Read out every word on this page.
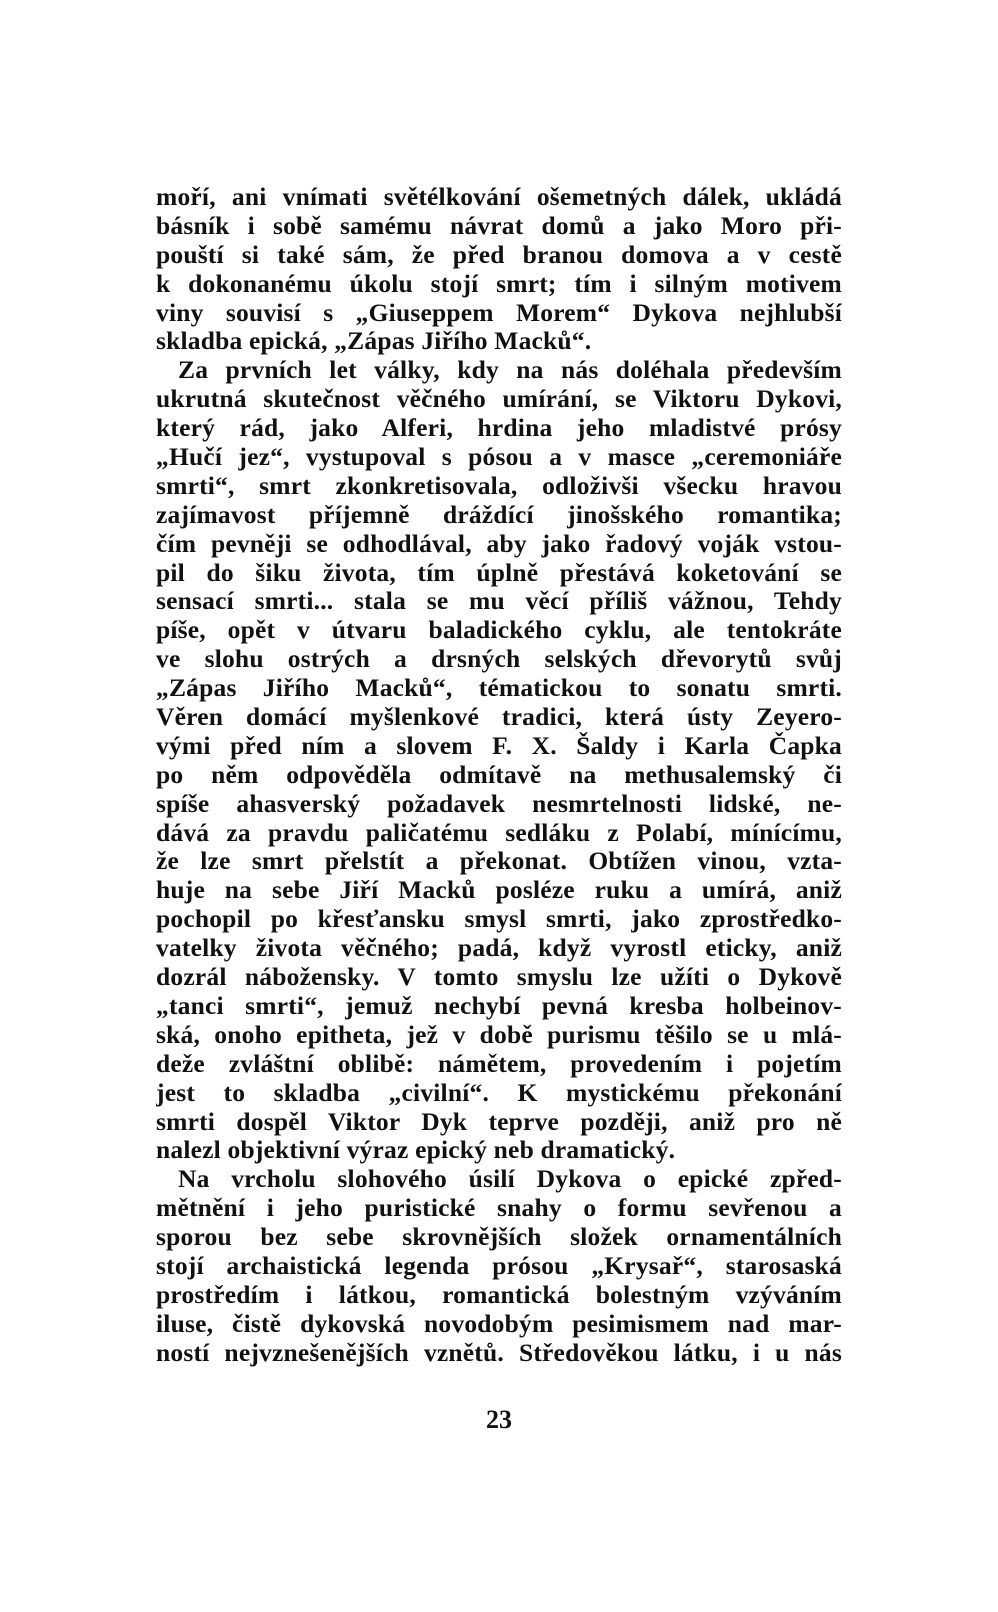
moří, ani vnímati světélkování ošemetných dálek, ukládá
básník i sobě samému návrat domů a jako Moro při-
pouští si také sám, že před branou domova a v cestě
k dokonanému úkolu stojí smrt; tím i silným motivem
viny souvisí s „Giuseppem Morem“ Dykova nejhlubší
skladba epická, „Zápas Jiřího Macků“.
Za prvních let války, kdy na nás doléhala především
ukrutná skutečnost věčného umírání, se Viktoru Dykovi,
který rád, jako Alferi, hrdina jeho mladistvé prósy
„Hučí jez“, vystupoval s pósou a v masce „ceremoniáře
smrti“, smrt zkonkretisovala, odloživši všecku hravou
zajímavost příjemně dráždící jinošského romantika;
čím pevněji se odhodlával, aby jako řadový voják vstou-
pil do šiku života, tím úplně přestává koketování se
sensací smrti... stala se mu věcí příliš vážnou, Tehdy
píše, opět v útvaru baladického cyklu, ale tentokráte
ve slohu ostrých a drsných selských dřevorytů svůj
„Zápas Jiřího Macků“, tématickou to sonatu smrti.
Věren domácí myšlenkové tradici, která ústy Zeyero-
vými před ním a slovem F. X. Šaldy i Karla Čapka
po něm odpověděla odmítavě na methusalemský či
spíše ahasverský požadavek nesmrtelnosti lidské, ne-
dává za pravdu paličatému sedláku z Polabí, mínícímu,
že lze smrt přelstít a překonat. Obtížen vinou, vzta-
huje na sebe Jiří Macků posléze ruku a umírá, aniž
pochopil po křesťansku smysl smrti, jako zprostředko-
vatelky života věčného; padá, když vyrostl eticky, aniž
dozrál nábožensky. V tomto smyslu lze užíti o Dykově
„tanci smrti“, jemuž nechybí pevná kresba holbeinov-
ská, onoho epitheta, jež v době purismu těšilo se u mlá-
deže zvláštní oblibě: námětem, provedením i pojetím
jest to skladba „civilní“. K mystickému překonání
smrti dospěl Viktor Dyk teprve později, aniž pro ně
nalezl objektivní výraz epický neb dramatický.
Na vrcholu slohového úsilí Dykova o epické zpřed-
mětnění i jeho puristické snahy o formu sevřenou a
sporou bez sebe skrovnějších složek ornamentálních
stojí archaistická legenda prósou „Krysař“, starosaská
prostředím i látkou, romantická bolestným vzýváním
iluse, čistě dykovská novodobým pesimismem nad mar-
ností nejvznešenějších vznětů. Středověkou látku, i u nás
23
